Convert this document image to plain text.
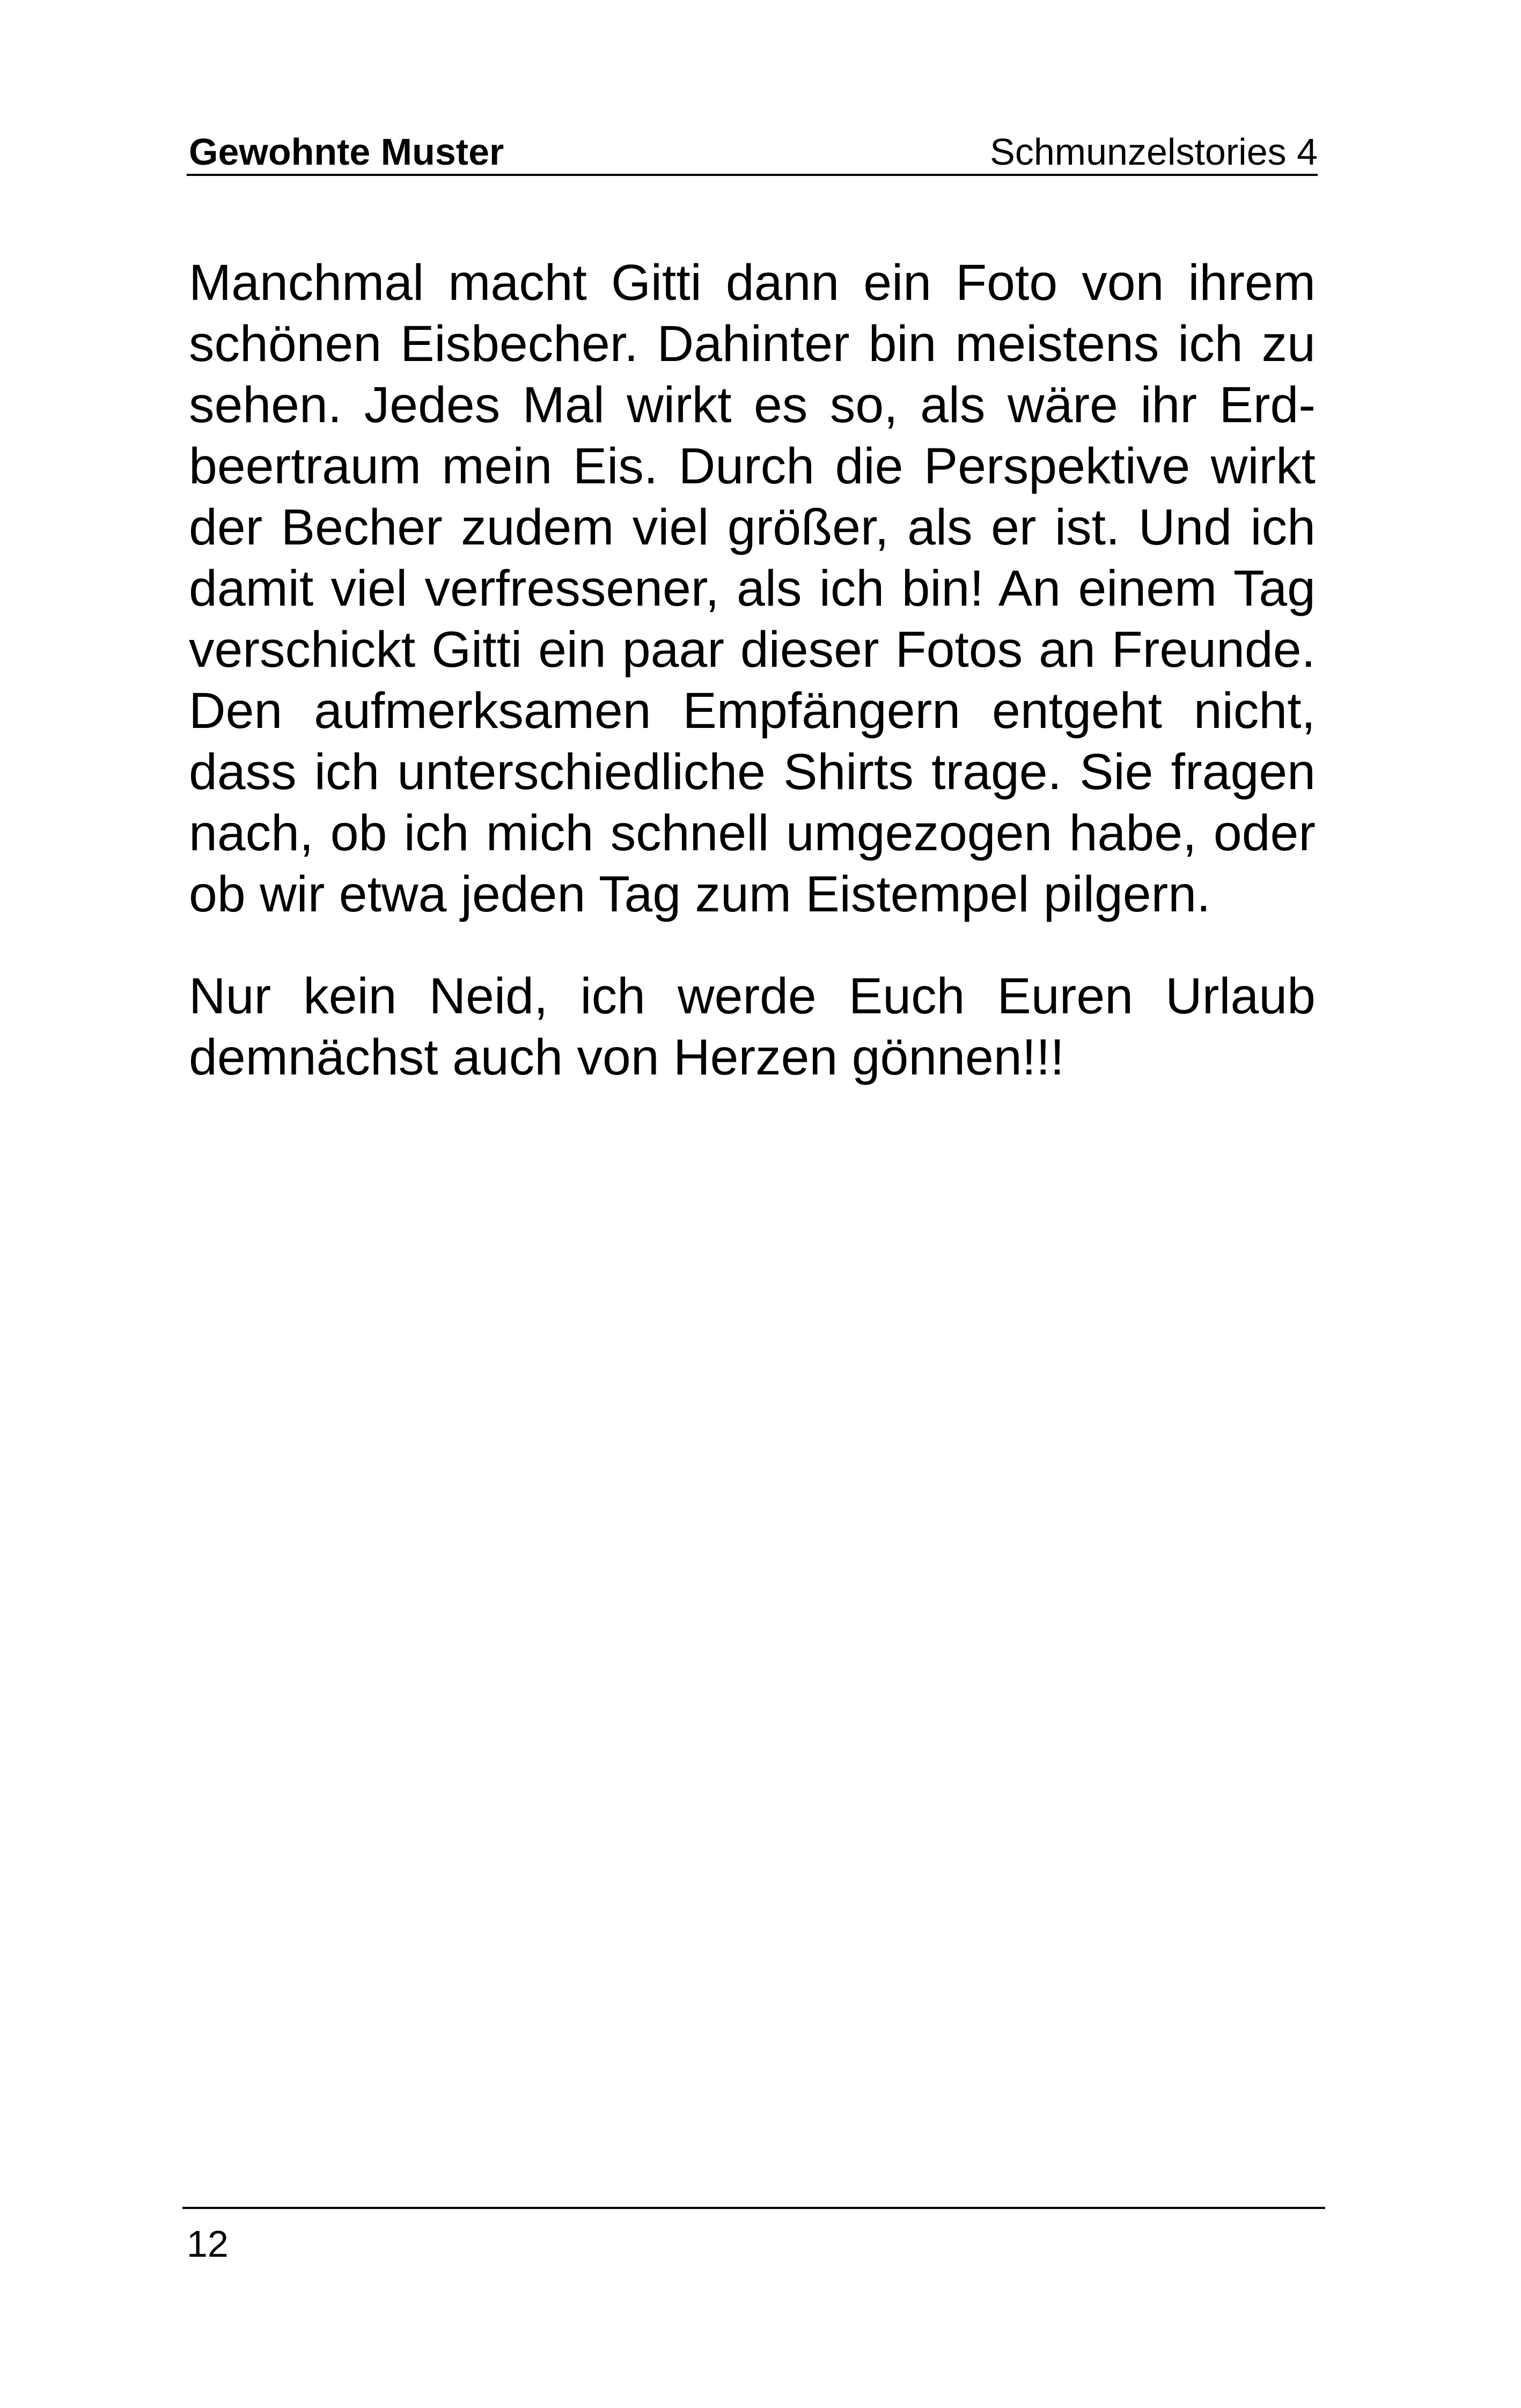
Gewohnte Muster	Schmunzelstories 4

Manchmal macht Gitti dann ein Foto von ihrem schönen Eisbecher. Dahinter bin meistens ich zu sehen. Jedes Mal wirkt es so, als wäre ihr Erdbeertraum mein Eis. Durch die Perspektive wirkt der Becher zudem viel größer, als er ist. Und ich damit viel verfressener, als ich bin! An einem Tag verschickt Gitti ein paar dieser Fotos an Freunde. Den aufmerksamen Empfängern entgeht nicht, dass ich unterschiedliche Shirts trage. Sie fragen nach, ob ich mich schnell umgezogen habe, oder ob wir etwa jeden Tag zum Eistempel pilgern.

Nur kein Neid, ich werde Euch Euren Urlaub demnächst auch von Herzen gönnen!!!

12
